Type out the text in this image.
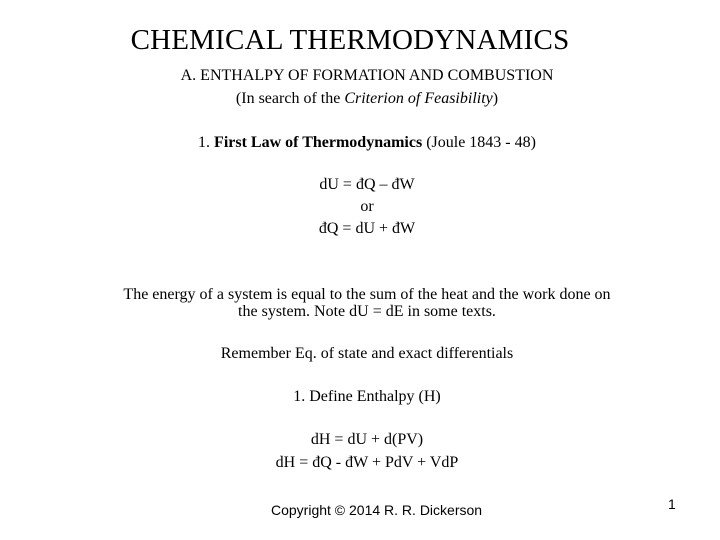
CHEMICAL THERMODYNAMICS
A. ENTHALPY OF FORMATION AND COMBUSTION
(In search of the Criterion of Feasibility)
1. First Law of Thermodynamics (Joule 1843 - 48)
dU = đQ – đW
or
đQ = dU + đW
The energy of a system is equal to the sum of the heat and the work done on
the system. Note dU = dE in some texts.
Remember Eq. of state and exact differentials
1. Define Enthalpy (H)
dH = dU + d(PV)
dH = đQ - đW + PdV + VdP
Copyright © 2014 R. R. Dickerson	1
